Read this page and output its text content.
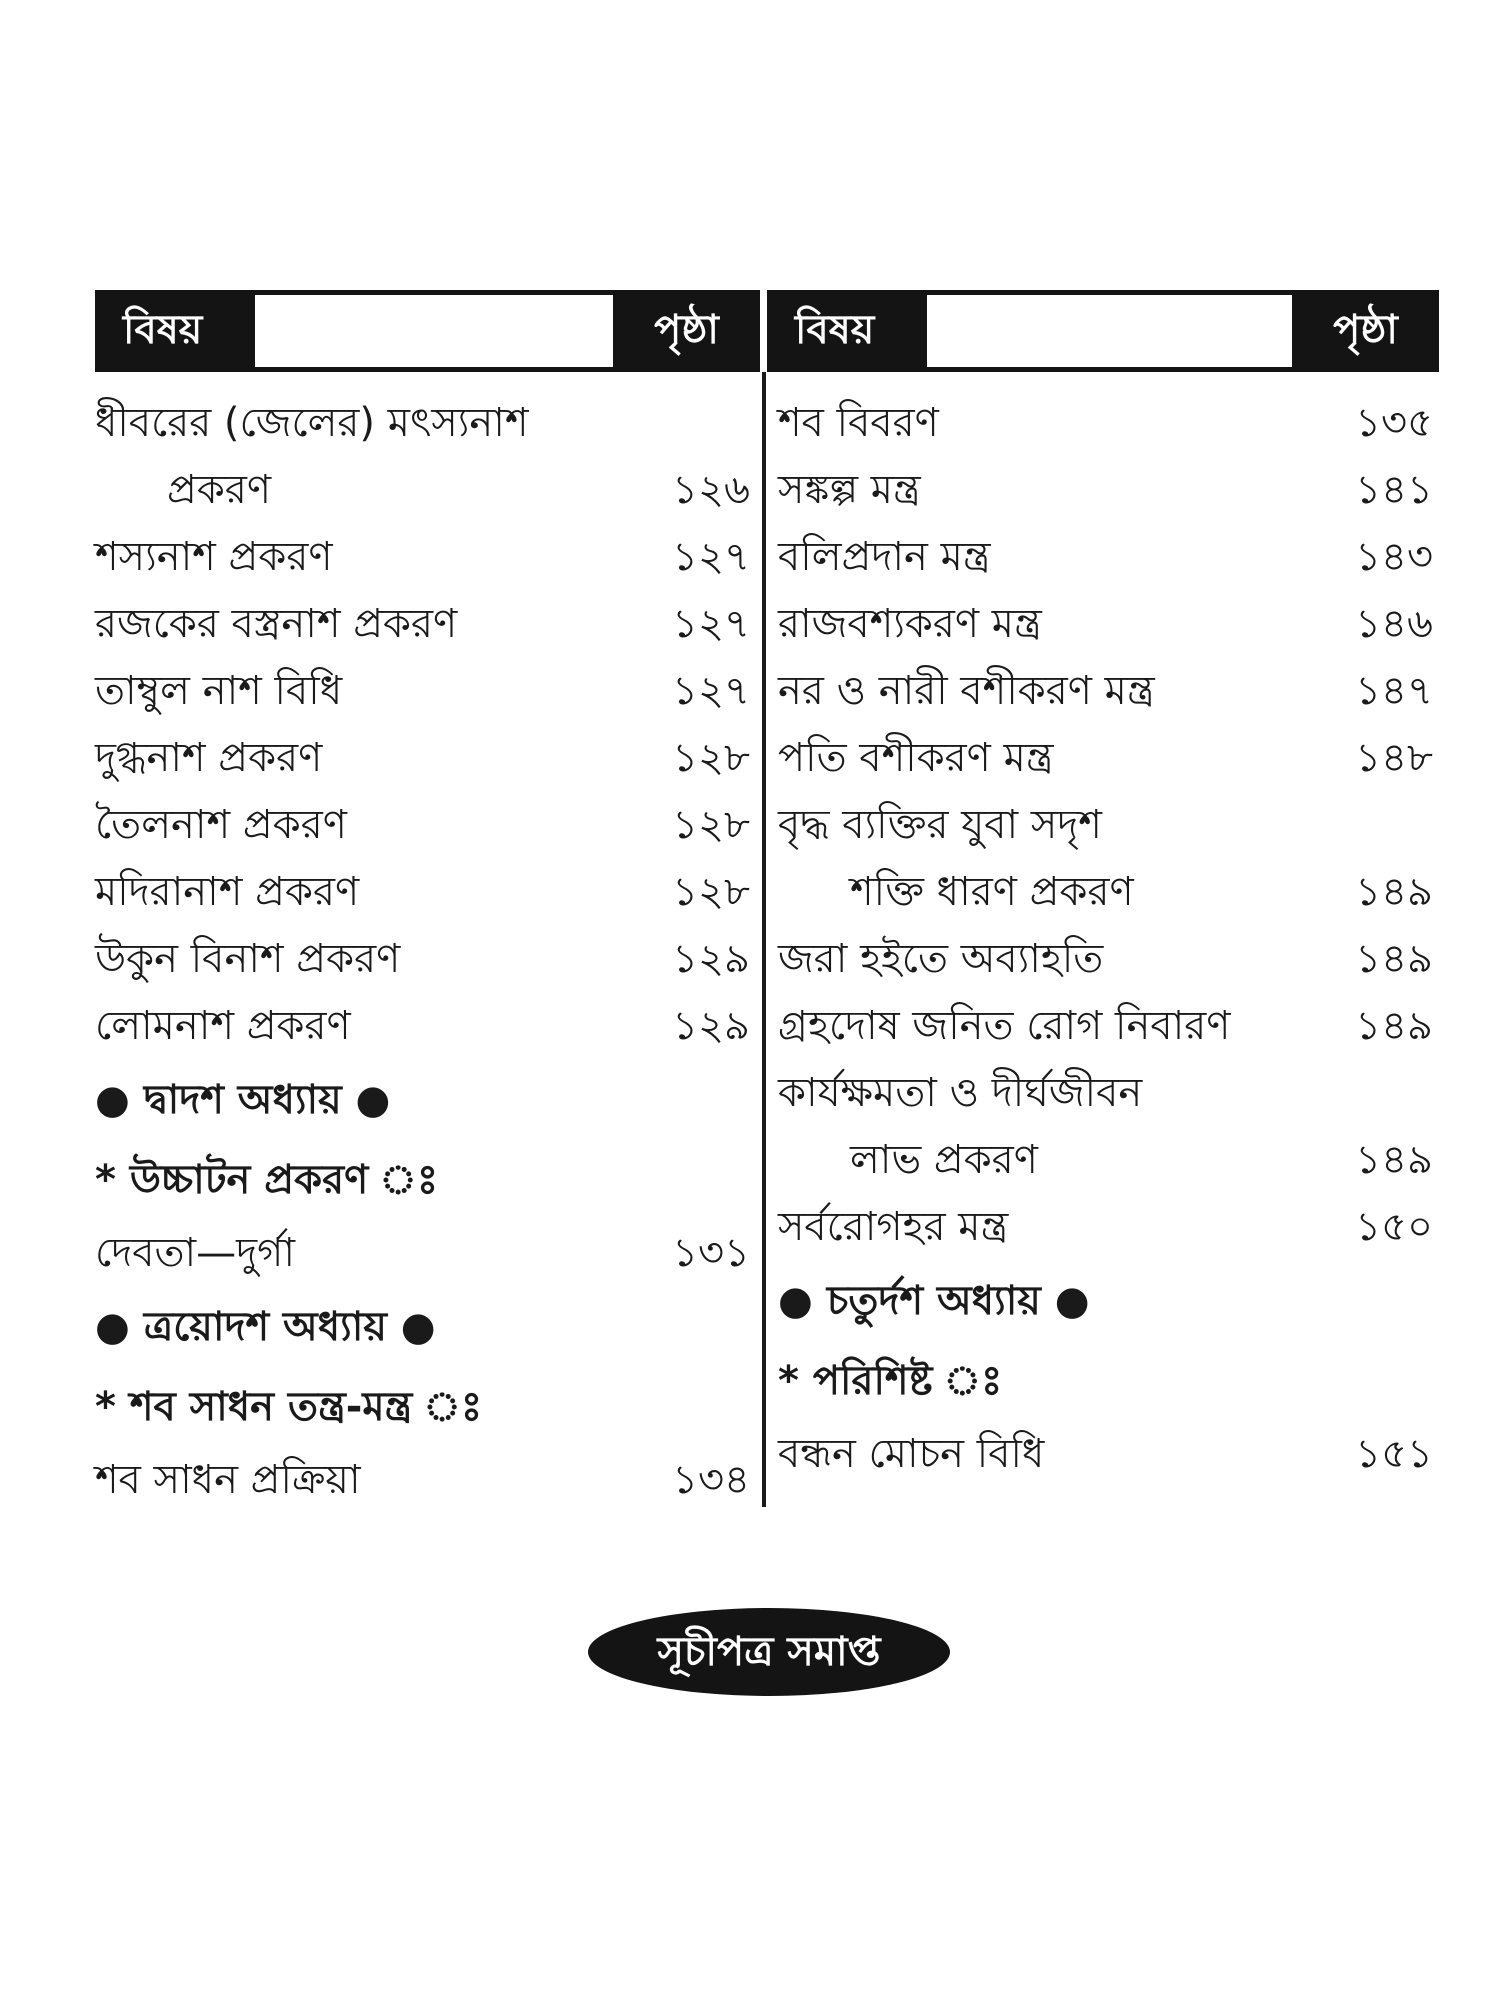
বিষয়	পৃষ্ঠা	বিষয়	পৃষ্ঠা
ধীবরের (জেলের) মৎস্যনাশ
প্রকরণ	১২৬
শস্যনাশ প্রকরণ	১২৭
রজকের বস্ত্রনাশ প্রকরণ	১২৭
তাম্বুল নাশ বিধি	১২৭
দুগ্ধনাশ প্রকরণ	১২৮
তৈলনাশ প্রকরণ	১২৮
মদিরানাশ প্রকরণ	১২৮
উকুন বিনাশ প্রকরণ	১২৯
লোমনাশ প্রকরণ	১২৯
● দ্বাদশ অধ্যায় ●
* উচ্চাটন প্রকরণ ঃ
দেবতা—দুর্গা	১৩১
● ত্রয়োদশ অধ্যায় ●
* শব সাধন তন্ত্র-মন্ত্র ঃ
শব সাধন প্রক্রিয়া	১৩৪
শব বিবরণ	১৩৫
সঙ্কল্প মন্ত্র	১৪১
বলিপ্রদান মন্ত্র	১৪৩
রাজবশ্যকরণ মন্ত্র	১৪৬
নর ও নারী বশীকরণ মন্ত্র	১৪৭
পতি বশীকরণ মন্ত্র	১৪৮
বৃদ্ধ ব্যক্তির যুবা সদৃশ
শক্তি ধারণ প্রকরণ	১৪৯
জরা হইতে অব্যাহতি	১৪৯
গ্রহদোষ জনিত রোগ নিবারণ	১৪৯
কার্যক্ষমতা ও দীর্ঘজীবন
লাভ প্রকরণ	১৪৯
সর্বরোগহর মন্ত্র	১৫০
● চতুর্দশ অধ্যায় ●
* পরিশিষ্ট ঃ
বন্ধন মোচন বিধি	১৫১
সূচীপত্র সমাপ্ত
